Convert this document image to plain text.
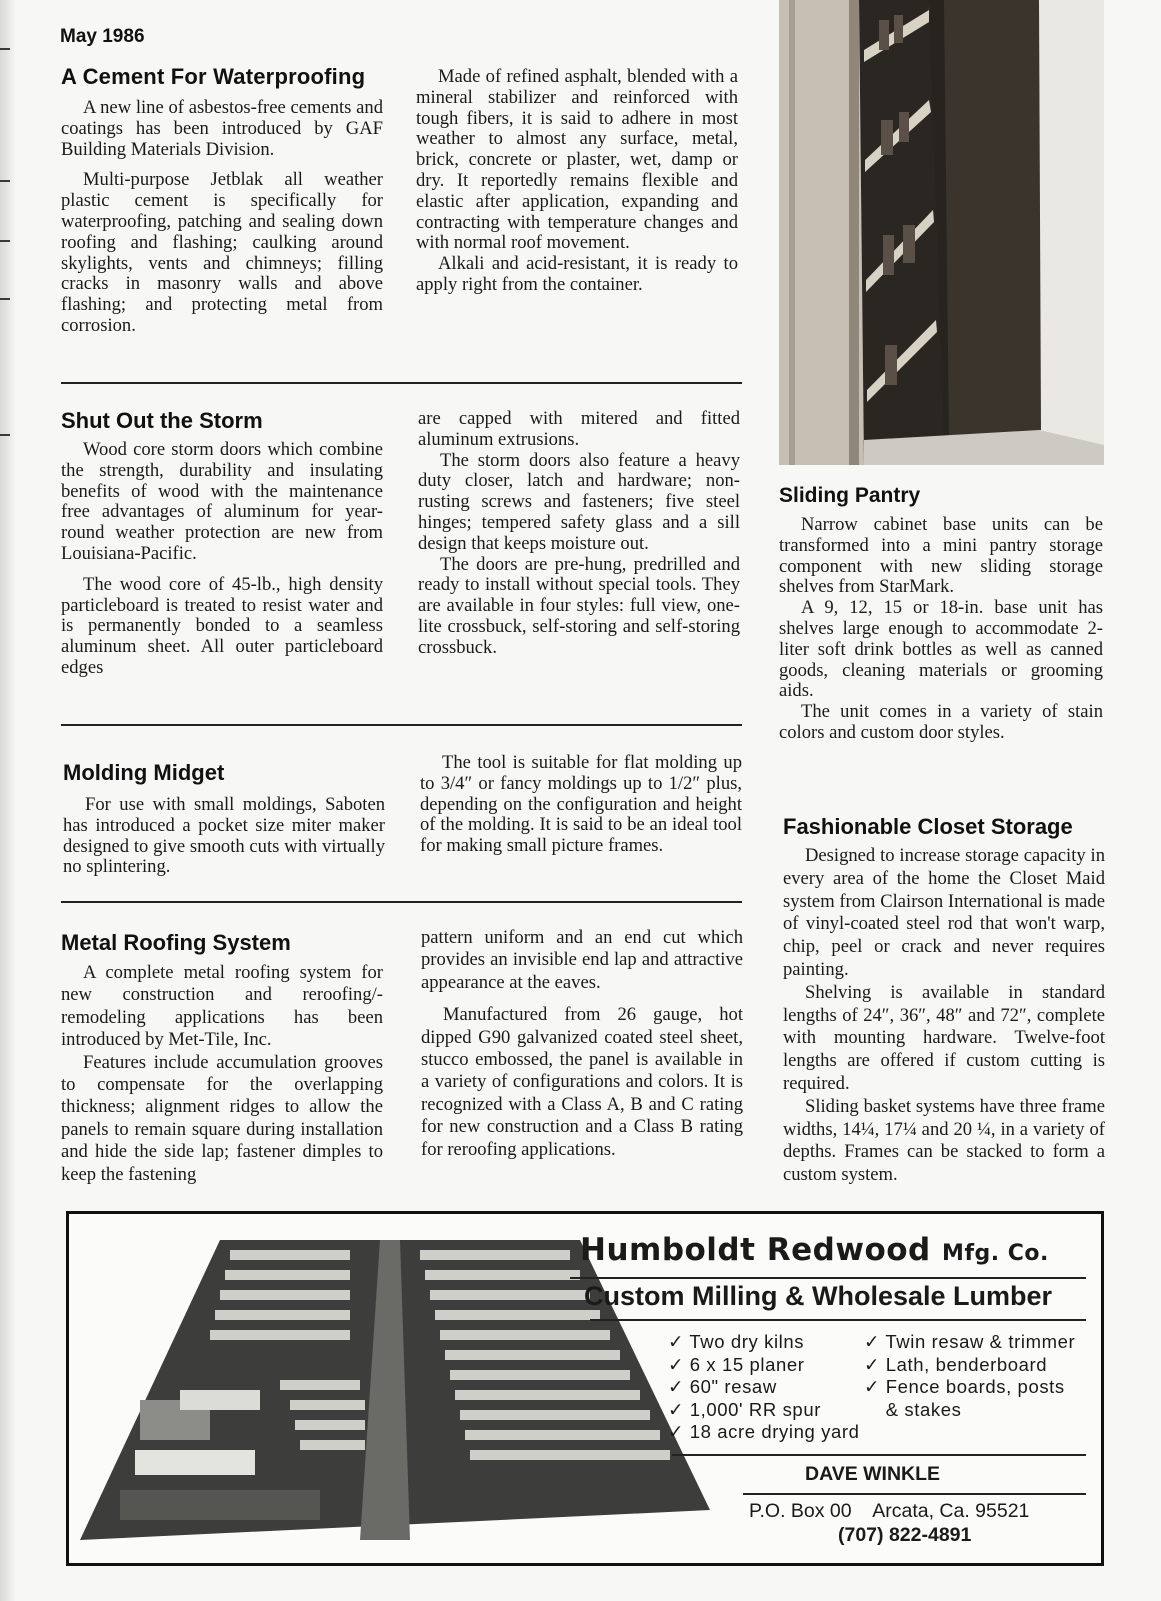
May 1986
A Cement For Waterproofing

A new line of asbestos-free cements and coatings has been introduced by GAF Building Materials Division.

Multi-purpose Jetblak all weather plastic cement is specifically for waterproofing, patching and sealing down roofing and flashing; caulking around skylights, vents and chimneys; filling cracks in masonry walls and above flashing; and protecting metal from corrosion.

Made of refined asphalt, blended with a mineral stabilizer and reinforced with tough fibers, it is said to adhere in most weather to almost any surface, metal, brick, concrete or plaster, wet, damp or dry. It reportedly remains flexible and elastic after application, expanding and contracting with temperature changes and with normal roof movement.

Alkali and acid-resistant, it is ready to apply right from the container.

Shut Out the Storm

Wood core storm doors which combine the strength, durability and insulating benefits of wood with the maintenance free advantages of aluminum for year-round weather protection are new from Louisiana-Pacific.

The wood core of 45-lb., high density particleboard is treated to resist water and is permanently bonded to a seamless aluminum sheet. All outer particleboard edges

are capped with mitered and fitted aluminum extrusions.

The storm doors also feature a heavy duty closer, latch and hardware; non-rusting screws and fasteners; five steel hinges; tempered safety glass and a sill design that keeps moisture out.

The doors are pre-hung, predrilled and ready to install without special tools. They are available in four styles: full view, one-lite crossbuck, self-storing and self-storing crossbuck.

Molding Midget

For use with small moldings, Saboten has introduced a pocket size miter maker designed to give smooth cuts with virtually no splintering.

The tool is suitable for flat molding up to 3/4″ or fancy moldings up to 1/2″ plus, depending on the configuration and height of the molding. It is said to be an ideal tool for making small picture frames.

Metal Roofing System

A complete metal roofing system for new construction and reroofing/-remodeling applications has been introduced by Met-Tile, Inc.

Features include accumulation grooves to compensate for the overlapping thickness; alignment ridges to allow the panels to remain square during installation and hide the side lap; fastener dimples to keep the fastening

pattern uniform and an end cut which provides an invisible end lap and attractive appearance at the eaves.

Manufactured from 26 gauge, hot dipped G90 galvanized coated steel sheet, stucco embossed, the panel is available in a variety of configurations and colors. It is recognized with a Class A, B and C rating for new construction and a Class B rating for reroofing applications.

Sliding Pantry

Narrow cabinet base units can be transformed into a mini pantry storage component with new sliding storage shelves from StarMark.

A 9, 12, 15 or 18-in. base unit has shelves large enough to accommodate 2-liter soft drink bottles as well as canned goods, cleaning materials or grooming aids.

The unit comes in a variety of stain colors and custom door styles.

Fashionable Closet Storage

Designed to increase storage capacity in every area of the home the Closet Maid system from Clairson International is made of vinyl-coated steel rod that won't warp, chip, peel or crack and never requires painting.

Shelving is available in standard lengths of 24″, 36″, 48″ and 72″, complete with mounting hardware. Twelve-foot lengths are offered if custom cutting is required.

Sliding basket systems have three frame widths, 14¼, 17¼ and 20 ¼, in a variety of depths. Frames can be stacked to form a custom system.

Humboldt Redwood Mfg. Co.
Custom Milling & Wholesale Lumber
✓ Two dry kilns
✓ 6 x 15 planer
✓ 60" resaw
✓ 1,000' RR spur
✓ 18 acre drying yard
✓ Twin resaw & trimmer
✓ Lath, benderboard
✓ Fence boards, posts
& stakes
DAVE WINKLE
P.O. Box 00    Arcata, Ca. 95521
(707) 822-4891
